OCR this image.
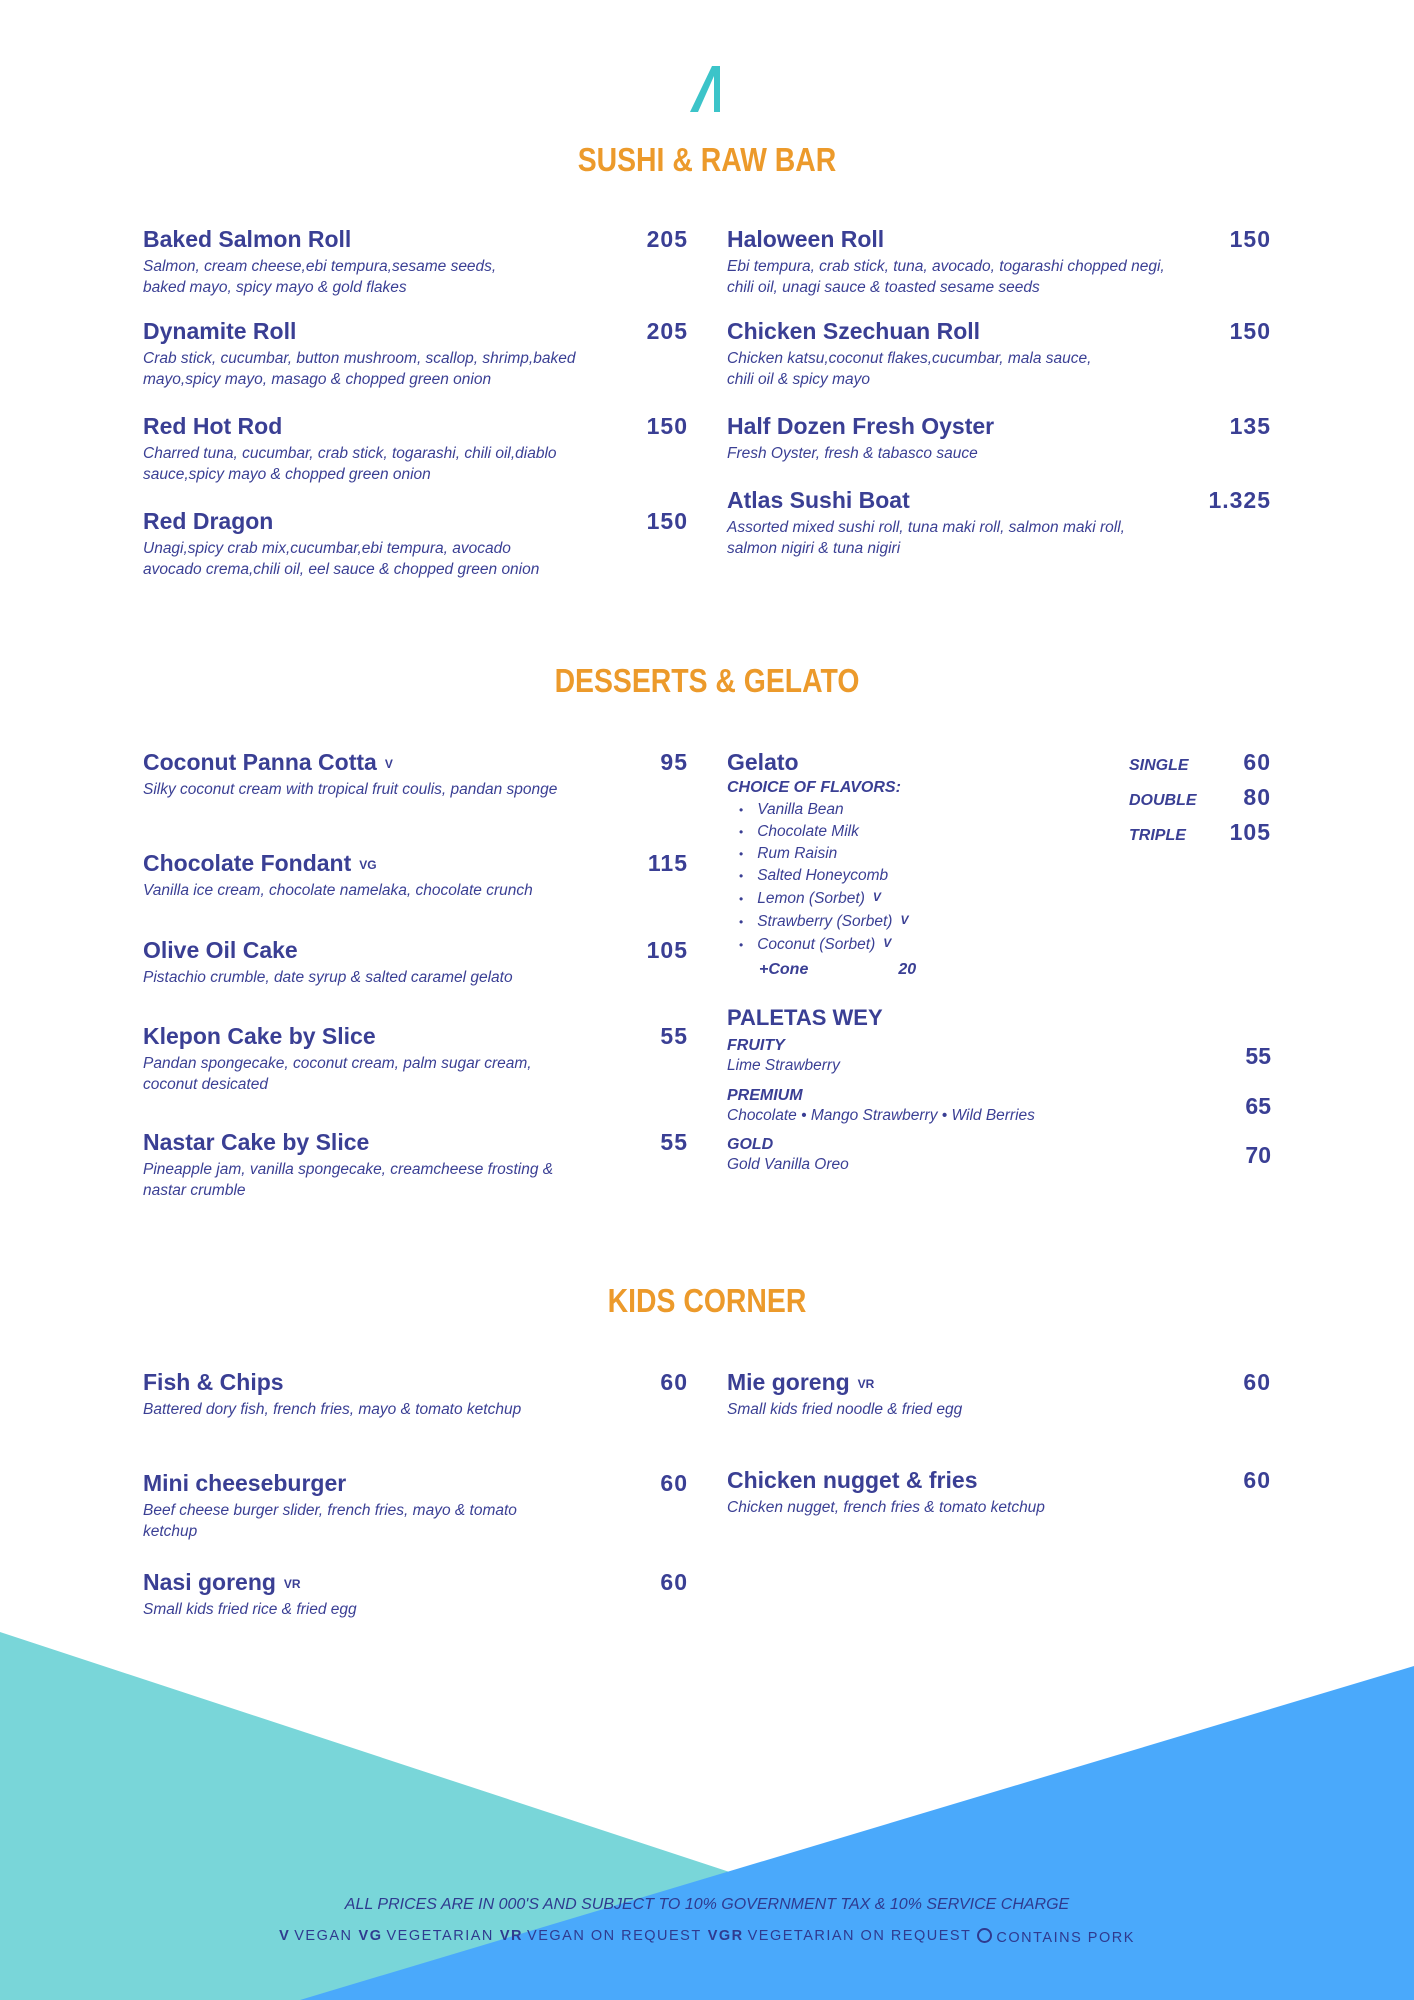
SUSHI & RAW BAR
Baked Salmon Roll	205
Salmon, cream cheese,ebi tempura,sesame seeds,
baked mayo, spicy mayo & gold flakes
Dynamite Roll	205
Crab stick, cucumbar, button mushroom, scallop, shrimp,baked
mayo,spicy mayo, masago & chopped green onion
Red Hot Rod	150
Charred tuna, cucumbar, crab stick, togarashi, chili oil,diablo
sauce,spicy mayo & chopped green onion
Red Dragon	150
Unagi,spicy crab mix,cucumbar,ebi tempura, avocado
avocado crema,chili oil, eel sauce & chopped green onion
Haloween Roll	150
Ebi tempura, crab stick, tuna, avocado, togarashi chopped negi,
chili oil, unagi sauce & toasted sesame seeds
Chicken Szechuan Roll	150
Chicken katsu,coconut flakes,cucumbar, mala sauce,
chili oil & spicy mayo
Half Dozen Fresh Oyster	135
Fresh Oyster, fresh & tabasco sauce
Atlas Sushi Boat	1.325
Assorted mixed sushi roll, tuna maki roll, salmon maki roll,
salmon nigiri & tuna nigiri
DESSERTS & GELATO
Coconut Panna Cotta V	95
Silky coconut cream with tropical fruit coulis, pandan sponge
Chocolate Fondant VG	115
Vanilla ice cream, chocolate namelaka, chocolate crunch
Olive Oil Cake	105
Pistachio crumble, date syrup & salted caramel gelato
Klepon Cake by Slice	55
Pandan spongecake, coconut cream, palm sugar cream,
coconut desicated
Nastar Cake by Slice	55
Pineapple jam, vanilla spongecake, creamcheese frosting &
nastar crumble
Gelato
CHOICE OF FLAVORS:
• Vanilla Bean
• Chocolate Milk
• Rum Raisin
• Salted Honeycomb
• Lemon (Sorbet) V
• Strawberry (Sorbet) V
• Coconut (Sorbet) V
+Cone	20
SINGLE 60
DOUBLE 80
TRIPLE 105
PALETAS WEY
FRUITY
Lime Strawberry	55
PREMIUM
Chocolate • Mango Strawberry • Wild Berries	65
GOLD
Gold Vanilla Oreo	70
KIDS CORNER
Fish & Chips	60
Battered dory fish, french fries, mayo & tomato ketchup
Mini cheeseburger	60
Beef cheese burger slider, french fries, mayo & tomato
ketchup
Nasi goreng VR	60
Small kids fried rice & fried egg
Mie goreng VR	60
Small kids fried noodle & fried egg
Chicken nugget & fries	60
Chicken nugget, french fries & tomato ketchup
ALL PRICES ARE IN 000'S AND SUBJECT TO 10% GOVERNMENT TAX & 10% SERVICE CHARGE
V VEGAN VG VEGETARIAN VR VEGAN ON REQUEST VGR VEGETARIAN ON REQUEST	CONTAINS PORK
